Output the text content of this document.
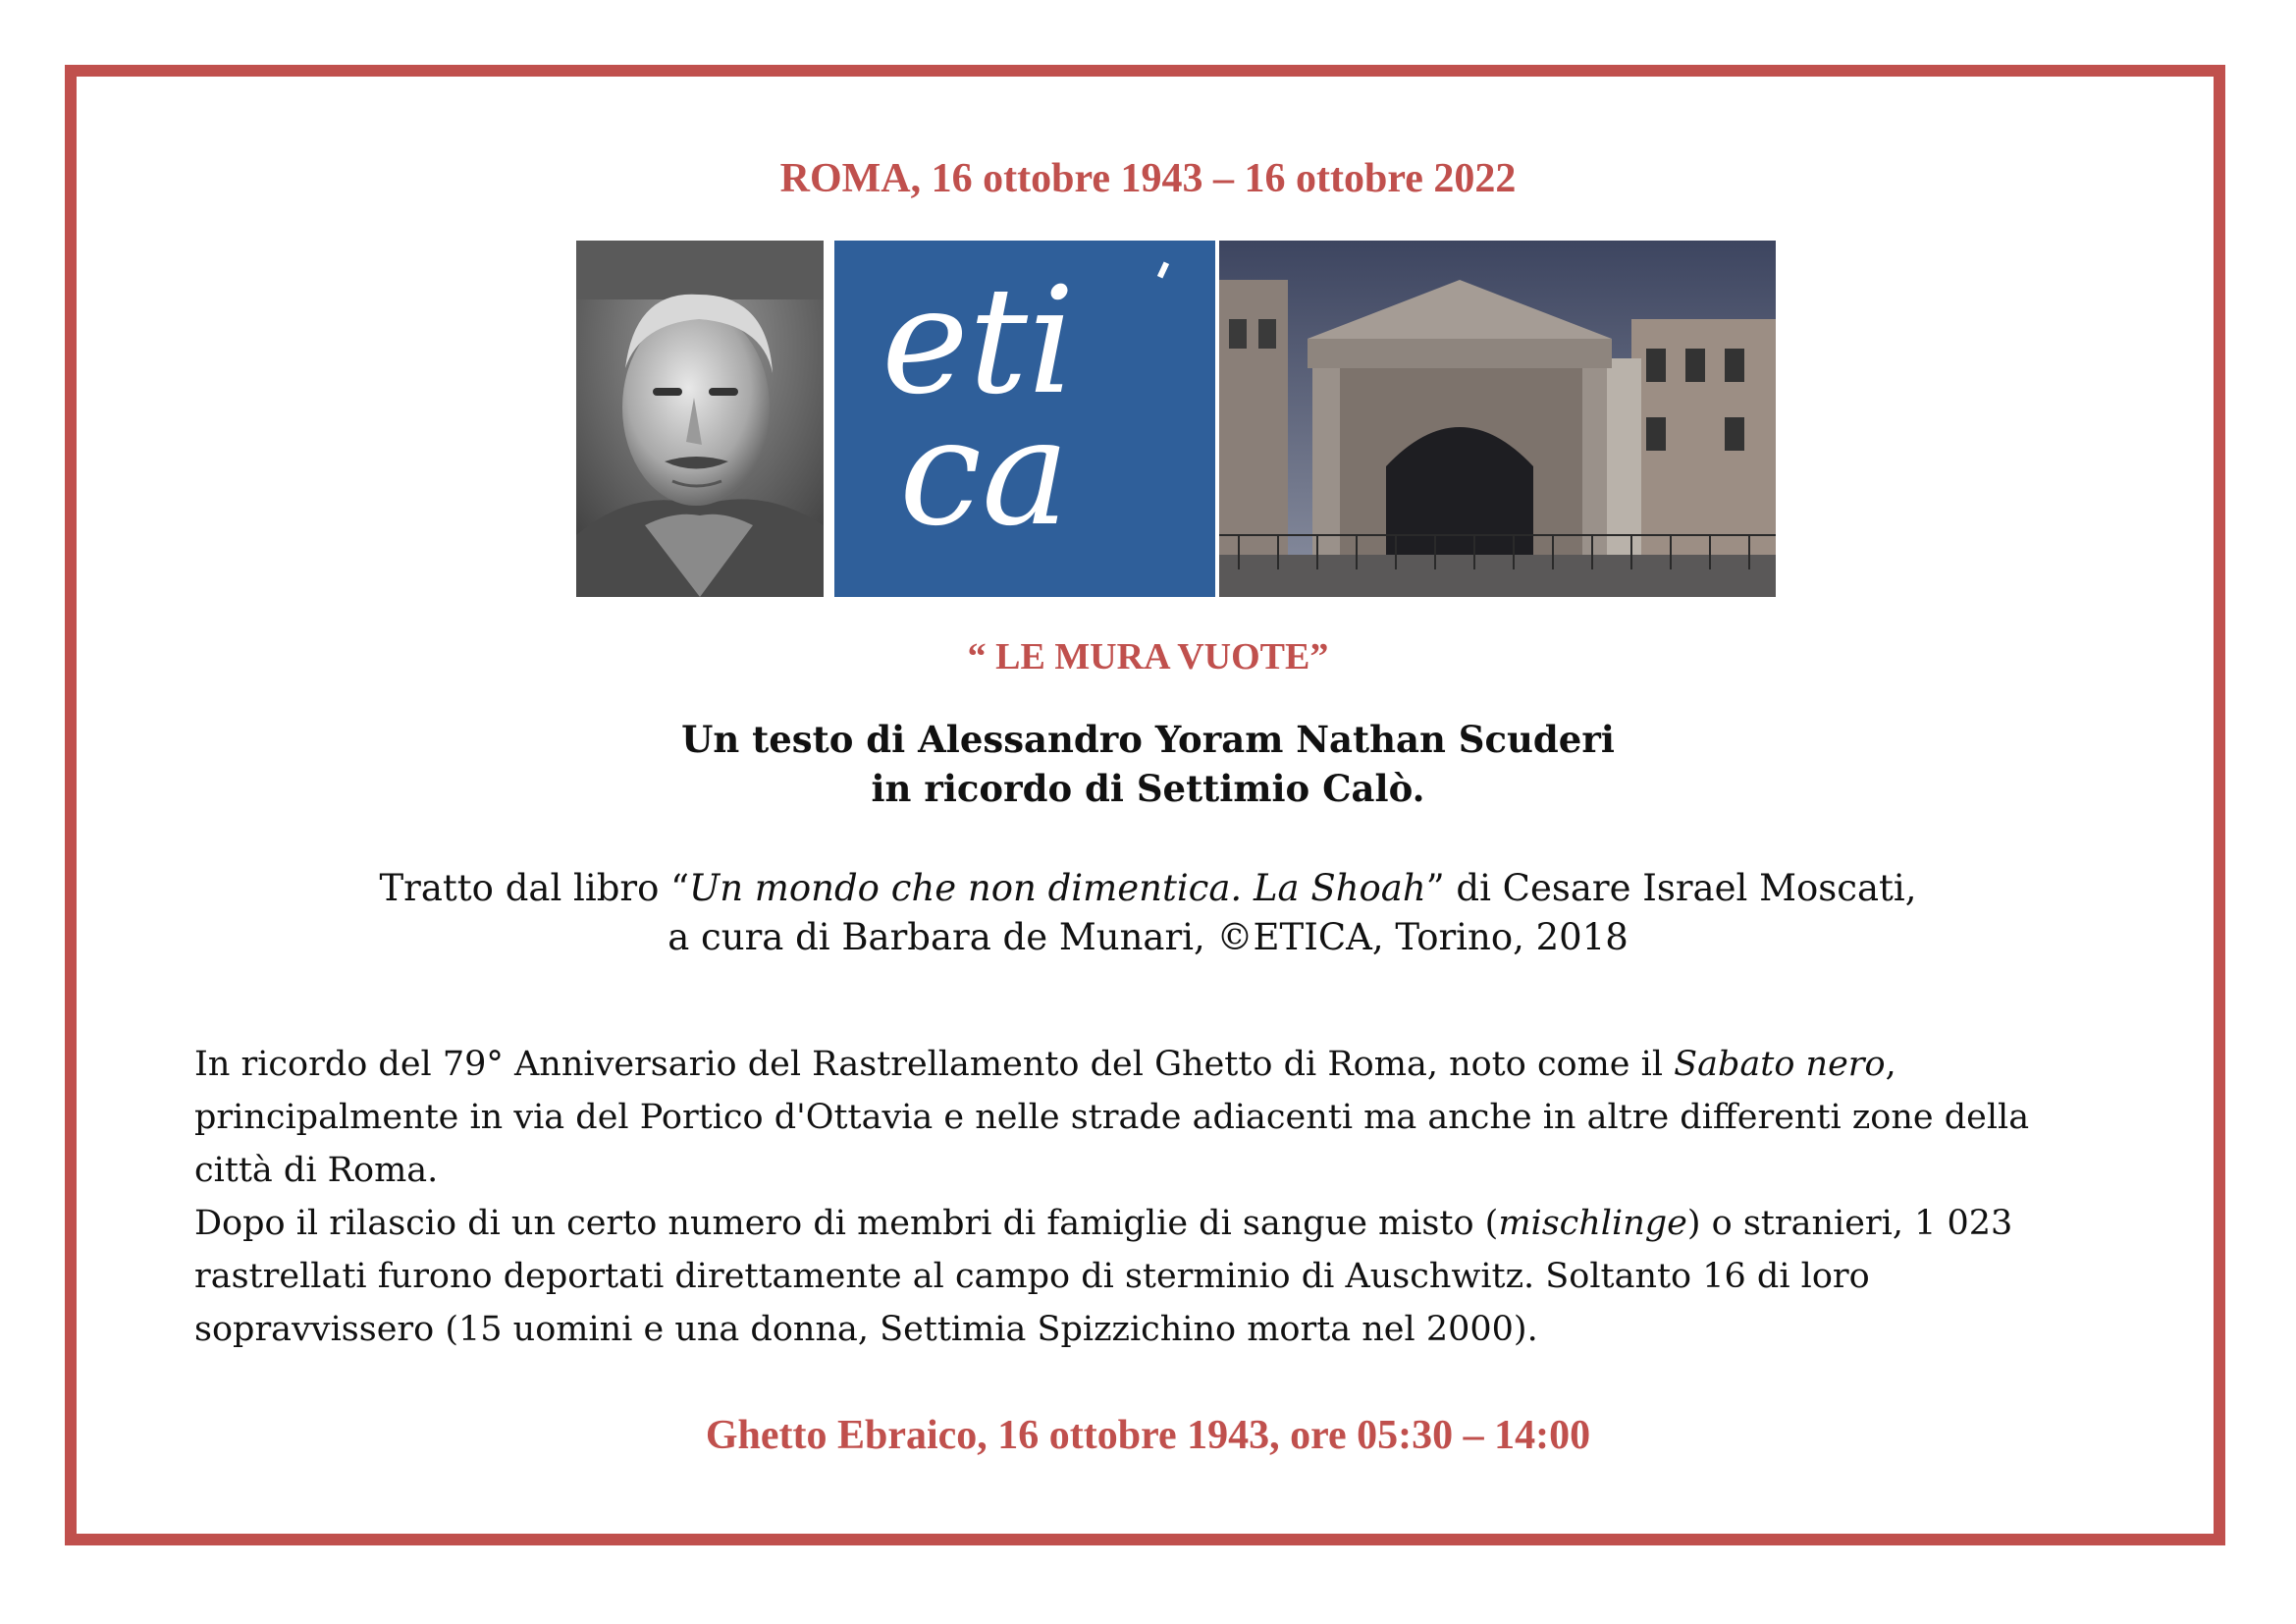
ROMA, 16 ottobre 1943 – 16 ottobre 2022
eti
ca
“ LE MURA VUOTE”
Un testo di Alessandro Yoram Nathan Scuderi
in ricordo di Settimio Calò.
Tratto dal libro “Un mondo che non dimentica. La Shoah” di Cesare Israel Moscati,
a cura di Barbara de Munari, ©ETICA, Torino, 2018
In ricordo del 79° Anniversario del Rastrellamento del Ghetto di Roma, noto come il Sabato nero,
principalmente in via del Portico d'Ottavia e nelle strade adiacenti ma anche in altre differenti zone della
città di Roma.
Dopo il rilascio di un certo numero di membri di famiglie di sangue misto (mischlinge) o stranieri, 1 023
rastrellati furono deportati direttamente al campo di sterminio di Auschwitz. Soltanto 16 di loro
sopravvissero (15 uomini e una donna, Settimia Spizzichino morta nel 2000).
Ghetto Ebraico, 16 ottobre 1943, ore 05:30 – 14:00
